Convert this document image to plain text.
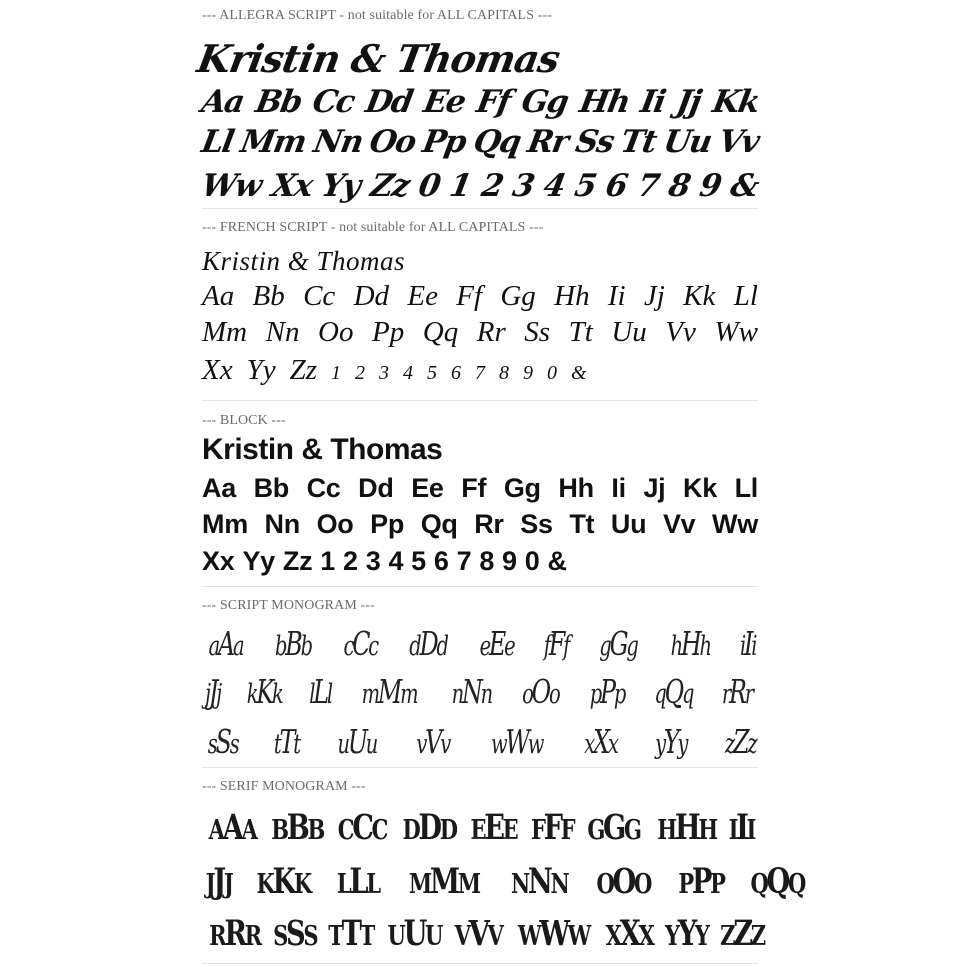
--- ALLEGRA SCRIPT - not suitable for ALL CAPITALS ---
Kristin & Thomas
Aa Bb Cc Dd Ee Ff Gg Hh Ii Jj Kk
Ll Mm Nn Oo Pp Qq Rr Ss Tt Uu Vv
Ww Xx Yy Zz 0 1 2 3 4 5 6 7 8 9 &
--- FRENCH SCRIPT - not suitable for ALL CAPITALS ---
Kristin & Thomas
Aa Bb Cc Dd Ee Ff Gg Hh Ii Jj Kk Ll
Mm Nn Oo Pp Qq Rr Ss Tt Uu Vv Ww
Xx Yy Zz 1 2 3 4 5 6 7 8 9 0 &
--- BLOCK ---
Kristin & Thomas
Aa Bb Cc Dd Ee Ff Gg Hh Ii Jj Kk Ll
Mm Nn Oo Pp Qq Rr Ss Tt Uu Vv Ww
Xx Yy Zz 1 2 3 4 5 6 7 8 9 0 &
--- SCRIPT MONOGRAM ---
aAa bBb cCc dDd eEe fFf gGg hHh iIi
jJj kKk lLl mMm nNn oOo pPp qQq rRr
sSs tTt uUu vVv wWw xXx yYy zZz
--- SERIF MONOGRAM ---
AAA BBB CCC DDD EEE FFF GGG HHH III
JJJ KKK LLL MMM NNN OOO PPP QQQ
RRR SSS TTT UUU VVV WWW XXX YYY ZZZ
